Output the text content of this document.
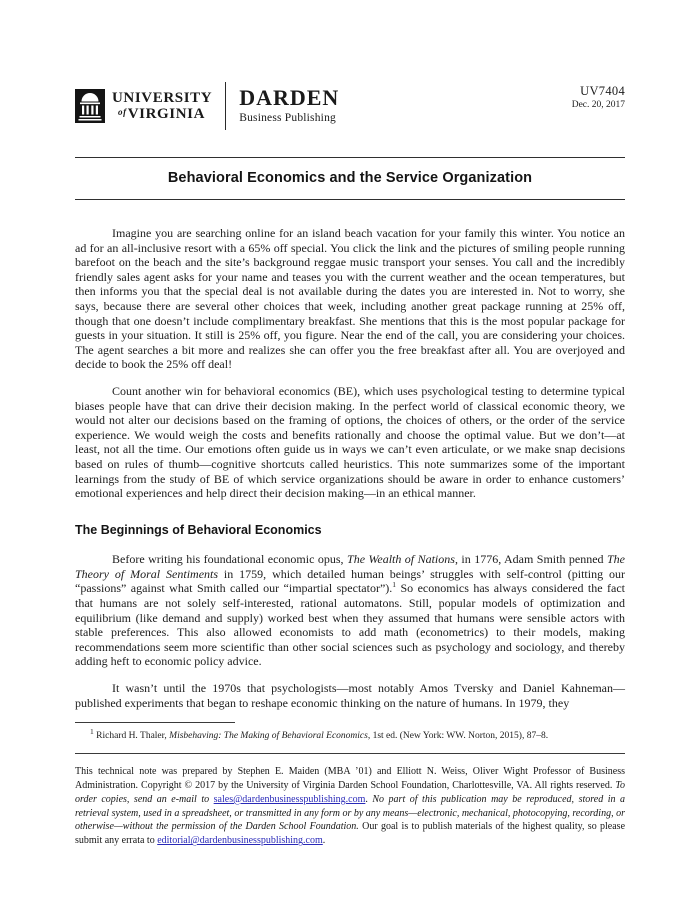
UNIVERSITY
of VIRGINIA
DARDEN
Business Publishing
UV7404
Dec. 20, 2017
Behavioral Economics and the Service Organization

Imagine you are searching online for an island beach vacation for your family this winter. You notice an ad for an all-inclusive resort with a 65% off special. You click the link and the pictures of smiling people running barefoot on the beach and the site’s background reggae music transport your senses. You call and the incredibly friendly sales agent asks for your name and teases you with the current weather and the ocean temperatures, but then informs you that the special deal is not available during the dates you are interested in. Not to worry, she says, because there are several other choices that week, including another great package running at 25% off, though that one doesn’t include complimentary breakfast. She mentions that this is the most popular package for guests in your situation. It still is 25% off, you figure. Near the end of the call, you are considering your choices. The agent searches a bit more and realizes she can offer you the free breakfast after all. You are overjoyed and decide to book the 25% off deal!

Count another win for behavioral economics (BE), which uses psychological testing to determine typical biases people have that can drive their decision making. In the perfect world of classical economic theory, we would not alter our decisions based on the framing of options, the choices of others, or the order of the service experience. We would weigh the costs and benefits rationally and choose the optimal value. But we don’t—at least, not all the time. Our emotions often guide us in ways we can’t even articulate, or we make snap decisions based on rules of thumb—cognitive shortcuts called heuristics. This note summarizes some of the important learnings from the study of BE of which service organizations should be aware in order to enhance customers’ emotional experiences and help direct their decision making—in an ethical manner.

The Beginnings of Behavioral Economics

Before writing his foundational economic opus, The Wealth of Nations, in 1776, Adam Smith penned The Theory of Moral Sentiments in 1759, which detailed human beings’ struggles with self-control (pitting our “passions” against what Smith called our “impartial spectator”).$^1$ So economics has always considered the fact that humans are not solely self-interested, rational automatons. Still, popular models of optimization and equilibrium (like demand and supply) worked best when they assumed that humans were sensible actors with stable preferences. This also allowed economists to add math (econometrics) to their models, making recommendations seem more scientific than other social sciences such as psychology and sociology, and thereby adding heft to economic policy advice.

It wasn’t until the 1970s that psychologists—most notably Amos Tversky and Daniel Kahneman—published experiments that began to reshape economic thinking on the nature of humans. In 1979, they

$^1$ Richard H. Thaler, Misbehaving: The Making of Behavioral Economics, 1st ed. (New York: WW. Norton, 2015), 87–8.
This technical note was prepared by Stephen E. Maiden (MBA ’01) and Elliott N. Weiss, Oliver Wight Professor of Business Administration. Copyright © 2017 by the University of Virginia Darden School Foundation, Charlottesville, VA. All rights reserved. To order copies, send an e-mail to sales@dardenbusinesspublishing.com. No part of this publication may be reproduced, stored in a retrieval system, used in a spreadsheet, or transmitted in any form or by any means—electronic, mechanical, photocopying, recording, or otherwise—without the permission of the Darden School Foundation. Our goal is to publish materials of the highest quality, so please submit any errata to editorial@dardenbusinesspublishing.com.
